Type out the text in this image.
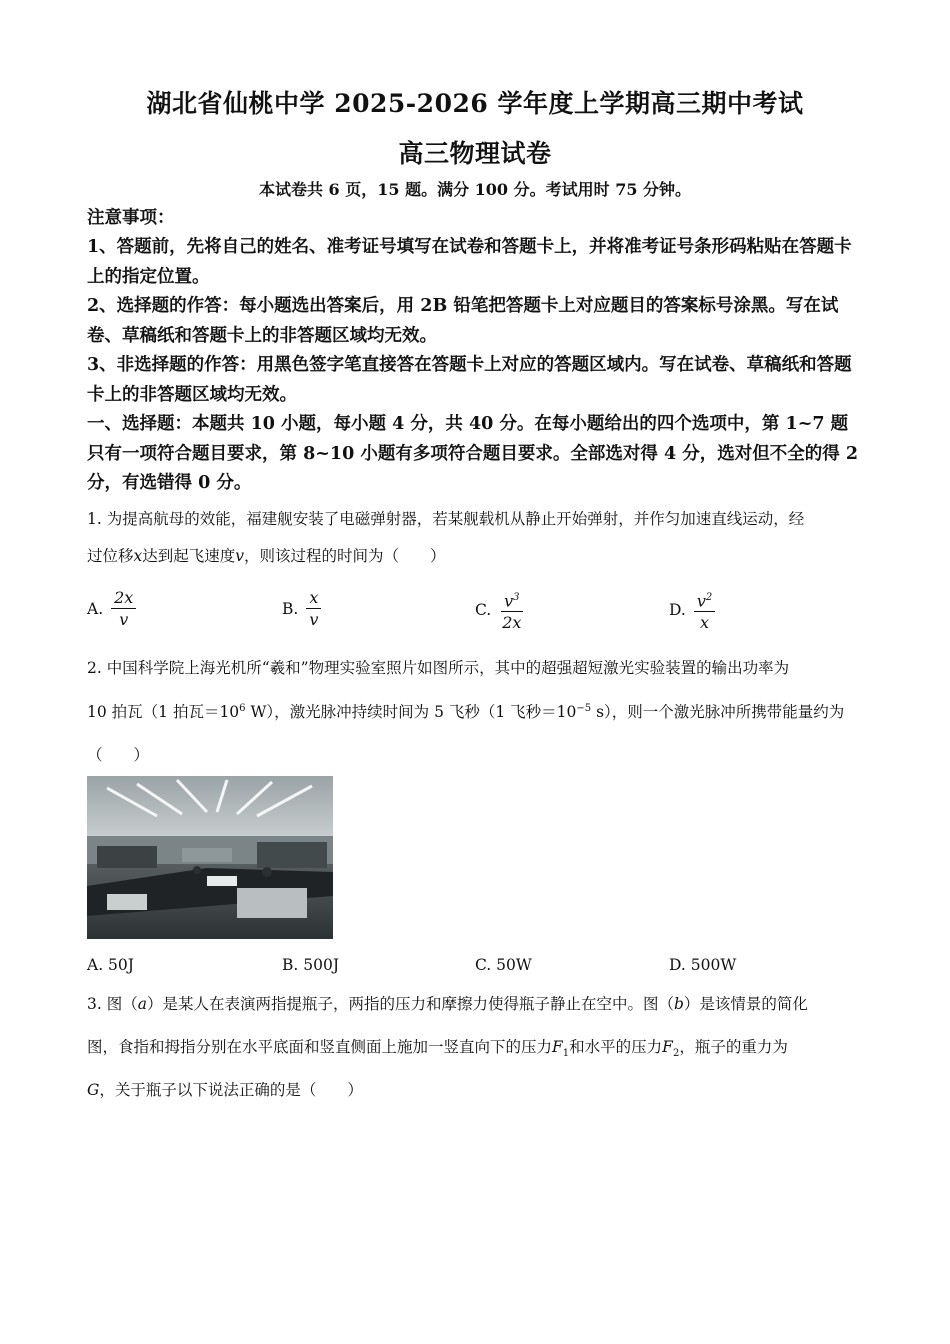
湖北省仙桃中学 2025-2026 学年度上学期高三期中考试
高三物理试卷
本试卷共 6 页，15 题。满分 100 分。考试用时 75 分钟。
注意事项：
1、答题前，先将自己的姓名、准考证号填写在试卷和答题卡上，并将准考证号条形码粘贴在答题卡上的指定位置。
2、选择题的作答：每小题选出答案后，用 2B 铅笔把答题卡上对应题目的答案标号涂黑。写在试卷、草稿纸和答题卡上的非答题区域均无效。
3、非选择题的作答：用黑色签字笔直接答在答题卡上对应的答题区域内。写在试卷、草稿纸和答题卡上的非答题区域均无效。
一、选择题：本题共 10 小题，每小题 4 分，共 40 分。在每小题给出的四个选项中，第 1~7 题只有一项符合题目要求，第 8~10 小题有多项符合题目要求。全部选对得 4 分，选对但不全的得 2 分，有选错得 0 分。
1. 为提高航母的效能，福建舰安装了电磁弹射器，若某舰载机从静止开始弹射，并作匀加速直线运动，经
过位移x达到起飞速度v，则该过程的时间为（　　）
A. $\frac{2x}{v}$	B. $\frac{x}{v}$	C. $\frac{v^3}{2x}$	D. $\frac{v^2}{x}$
2. 中国科学院上海光机所“羲和”物理实验室照片如图所示，其中的超强超短激光实验装置的输出功率为
10 拍瓦（1 拍瓦$=10^6$ W），激光脉冲持续时间为 5 飞秒（1 飞秒$=10^{-5}$ s），则一个激光脉冲所携带能量约为
（　　）
A. 50J	B. 500J	C. 50W	D. 500W
3. 图（a）是某人在表演两指提瓶子，两指的压力和摩擦力使得瓶子静止在空中。图（b）是该情景的简化
图，食指和拇指分别在水平底面和竖直侧面上施加一竖直向下的压力$F_1$和水平的压力$F_2$，瓶子的重力为
G，关于瓶子以下说法正确的是（　　）
